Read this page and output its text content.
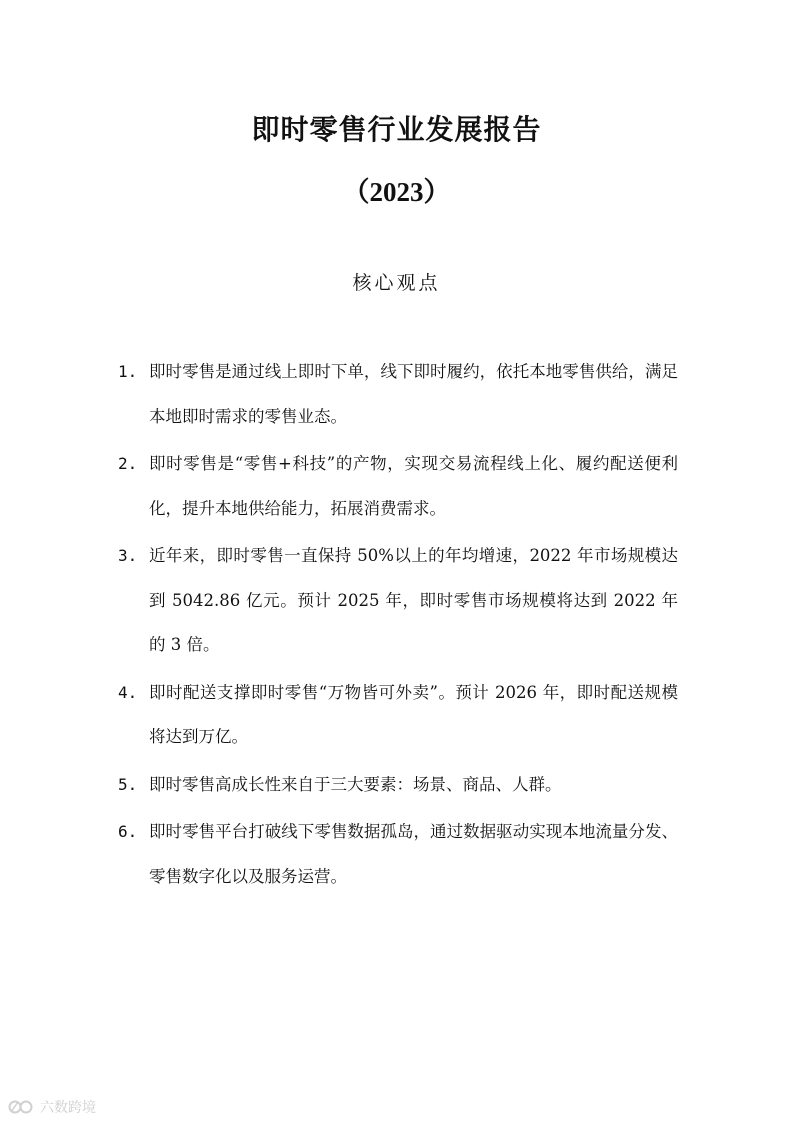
即时零售行业发展报告
（2023）
核心观点
1. 即时零售是通过线上即时下单，线下即时履约，依托本地零售供给，满足本地即时需求的零售业态。
2. 即时零售是“零售+科技”的产物，实现交易流程线上化、履约配送便利化，提升本地供给能力，拓展消费需求。
3. 近年来，即时零售一直保持 50%以上的年均增速，2022 年市场规模达到 5042.86 亿元。预计 2025 年，即时零售市场规模将达到 2022 年的 3 倍。
4. 即时配送支撑即时零售“万物皆可外卖”。预计 2026 年，即时配送规模将达到万亿。
5. 即时零售高成长性来自于三大要素：场景、商品、人群。
6. 即时零售平台打破线下零售数据孤岛，通过数据驱动实现本地流量分发、零售数字化以及服务运营。
六数跨境
